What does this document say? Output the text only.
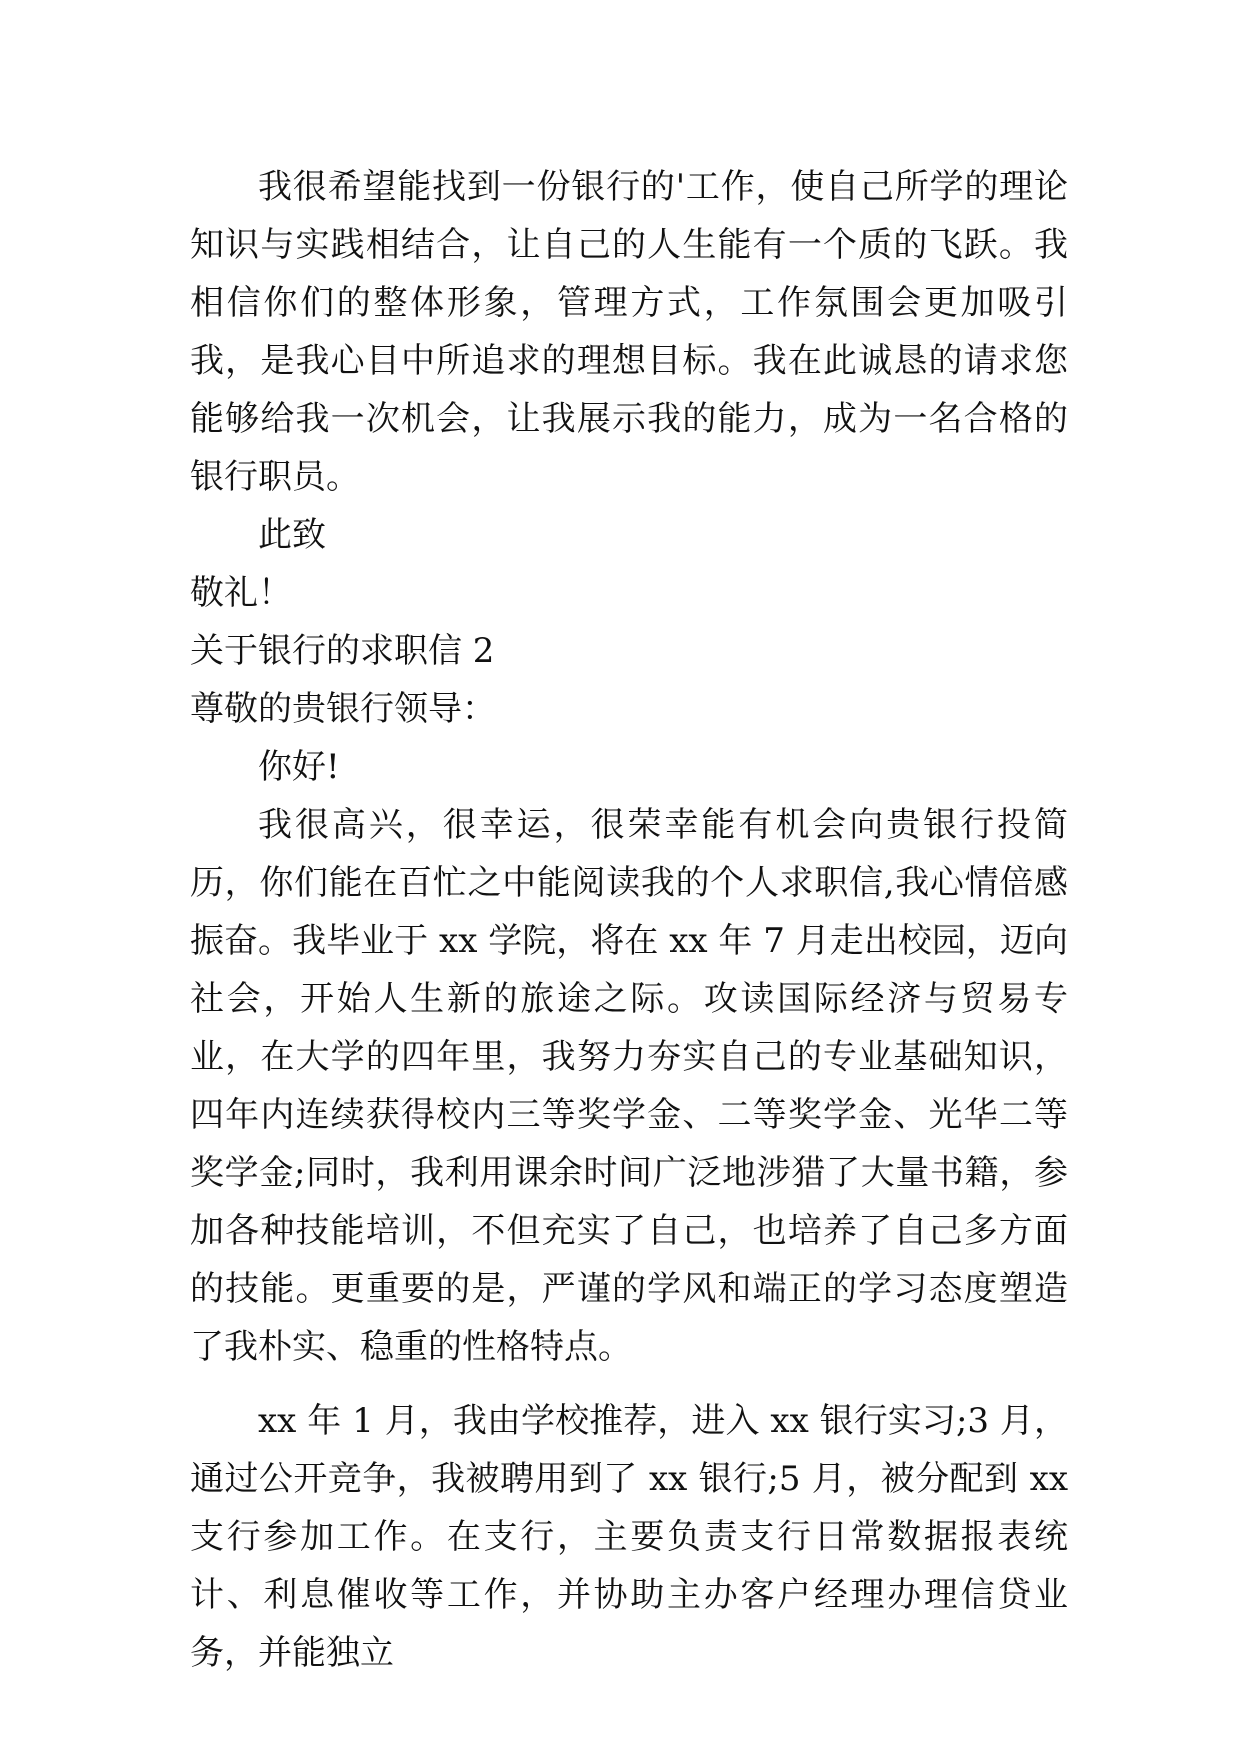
我很希望能找到一份银行的'工作，使自己所学的理论知识与实践相结合，让自己的人生能有一个质的飞跃。我相信你们的整体形象，管理方式，工作氛围会更加吸引我，是我心目中所追求的理想目标。我在此诚恳的请求您能够给我一次机会，让我展示我的能力，成为一名合格的银行职员。

此致

敬礼！

关于银行的求职信 2

尊敬的贵银行领导：

你好!

我很高兴，很幸运，很荣幸能有机会向贵银行投简历，你们能在百忙之中能阅读我的个人求职信,我心情倍感振奋。我毕业于 xx 学院，将在 xx 年 7 月走出校园，迈向社会，开始人生新的旅途之际。攻读国际经济与贸易专业，在大学的四年里，我努力夯实自己的专业基础知识，四年内连续获得校内三等奖学金、二等奖学金、光华二等奖学金;同时，我利用课余时间广泛地涉猎了大量书籍，参加各种技能培训，不但充实了自己，也培养了自己多方面的技能。更重要的是，严谨的学风和端正的学习态度塑造了我朴实、稳重的性格特点。

xx 年 1 月，我由学校推荐，进入 xx 银行实习;3 月，通过公开竞争，我被聘用到了 xx 银行;5 月，被分配到 xx 支行参加工作。在支行，主要负责支行日常数据报表统计、利息催收等工作，并协助主办客户经理办理信贷业务，并能独立
